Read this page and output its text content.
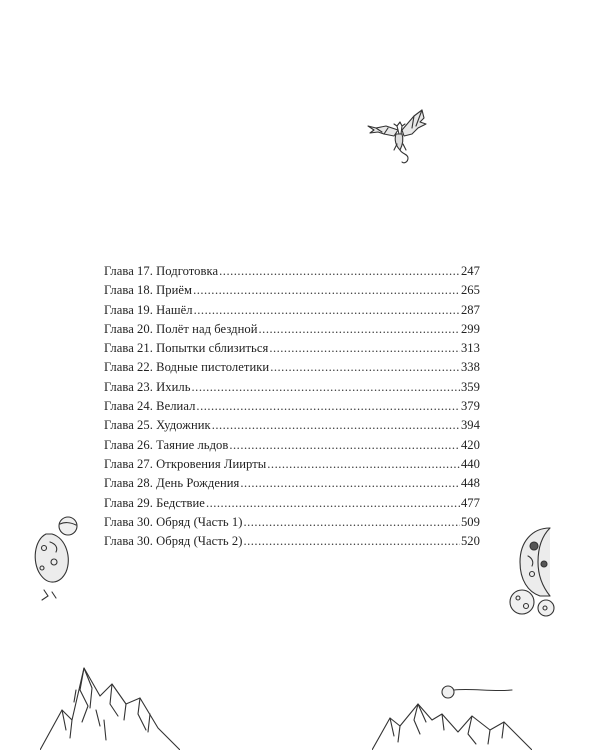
Глава 17. Подготовка .....	247
Глава 18. Приём .....	265
Глава 19. Нашёл .....	287
Глава 20. Полёт над бездной .....	299
Глава 21. Попытки сблизиться .....	313
Глава 22. Водные пистолетики .....	338
Глава 23. Ихиль .....	359
Глава 24. Велиал .....	379
Глава 25. Художник .....	394
Глава 26. Таяние льдов .....	420
Глава 27. Откровения Лиирты .....	440
Глава 28. День Рождения .....	448
Глава 29. Бедствие .....	477
Глава 30. Обряд (Часть 1) .....	509
Глава 30. Обряд (Часть 2) .....	520
